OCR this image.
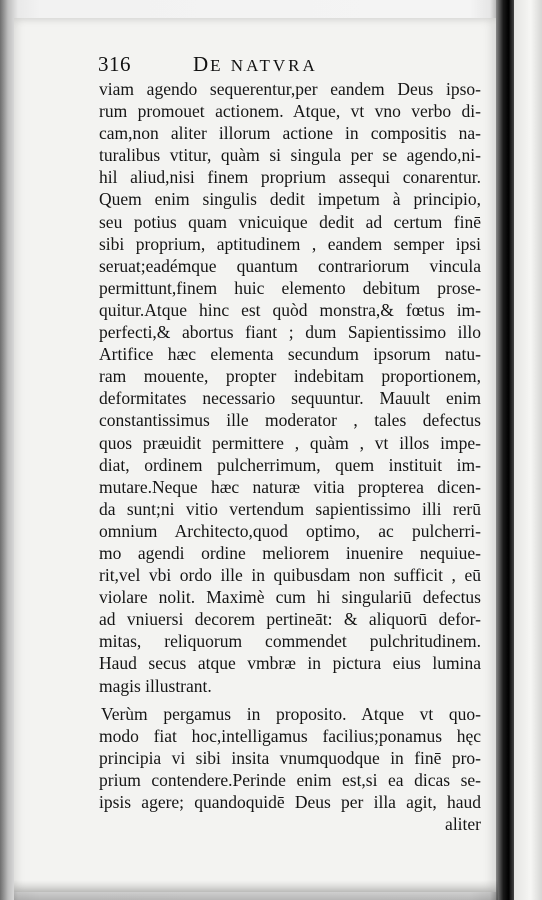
316	DE NATVRA
viam agendo sequerentur,per eandem Deus ipso-
rum promouet actionem. Atque, vt vno verbo di-
cam,non aliter illorum actione in compositis na-
turalibus vtitur, quàm si singula per se agendo,ni-
hil aliud,nisi finem proprium assequi conarentur.
Quem enim singulis dedit impetum à principio,
seu potius quam vnicuique dedit ad certum finē
sibi proprium, aptitudinem , eandem semper ipsi
seruat;eadémque quantum contrariorum vincula
permittunt,finem huic elemento debitum prose-
quitur.Atque hinc est quòd monstra,& fœtus im-
perfecti,& abortus fiant ; dum Sapientissimo illo
Artifice hæc elementa secundum ipsorum natu-
ram mouente, propter indebitam proportionem,
deformitates necessario sequuntur. Mauult enim
constantissimus ille moderator , tales defectus
quos præuidit permittere , quàm , vt illos impe-
diat, ordinem pulcherrimum, quem instituit im-
mutare.Neque hæc naturæ vitia propterea dicen-
da sunt;ni vitio vertendum sapientissimo illi rerū
omnium Architecto,quod optimo, ac pulcherri-
mo agendi ordine meliorem inuenire nequiue-
rit,vel vbi ordo ille in quibusdam non sufficit , eū
violare nolit. Maximè cum hi singulariū defectus
ad vniuersi decorem pertineāt: & aliquorū defor-
mitas, reliquorum commendet pulchritudinem.
Haud secus atque vmbræ in pictura eius lumina
magis illustrant.
Verùm pergamus in proposito. Atque vt quo-
modo fiat hoc,intelligamus facilius;ponamus hęc
principia vi sibi insita vnumquodque in finē pro-
prium contendere.Perinde enim est,si ea dicas se-
ipsis agere; quandoquidē Deus per illa agit, haud
aliter
